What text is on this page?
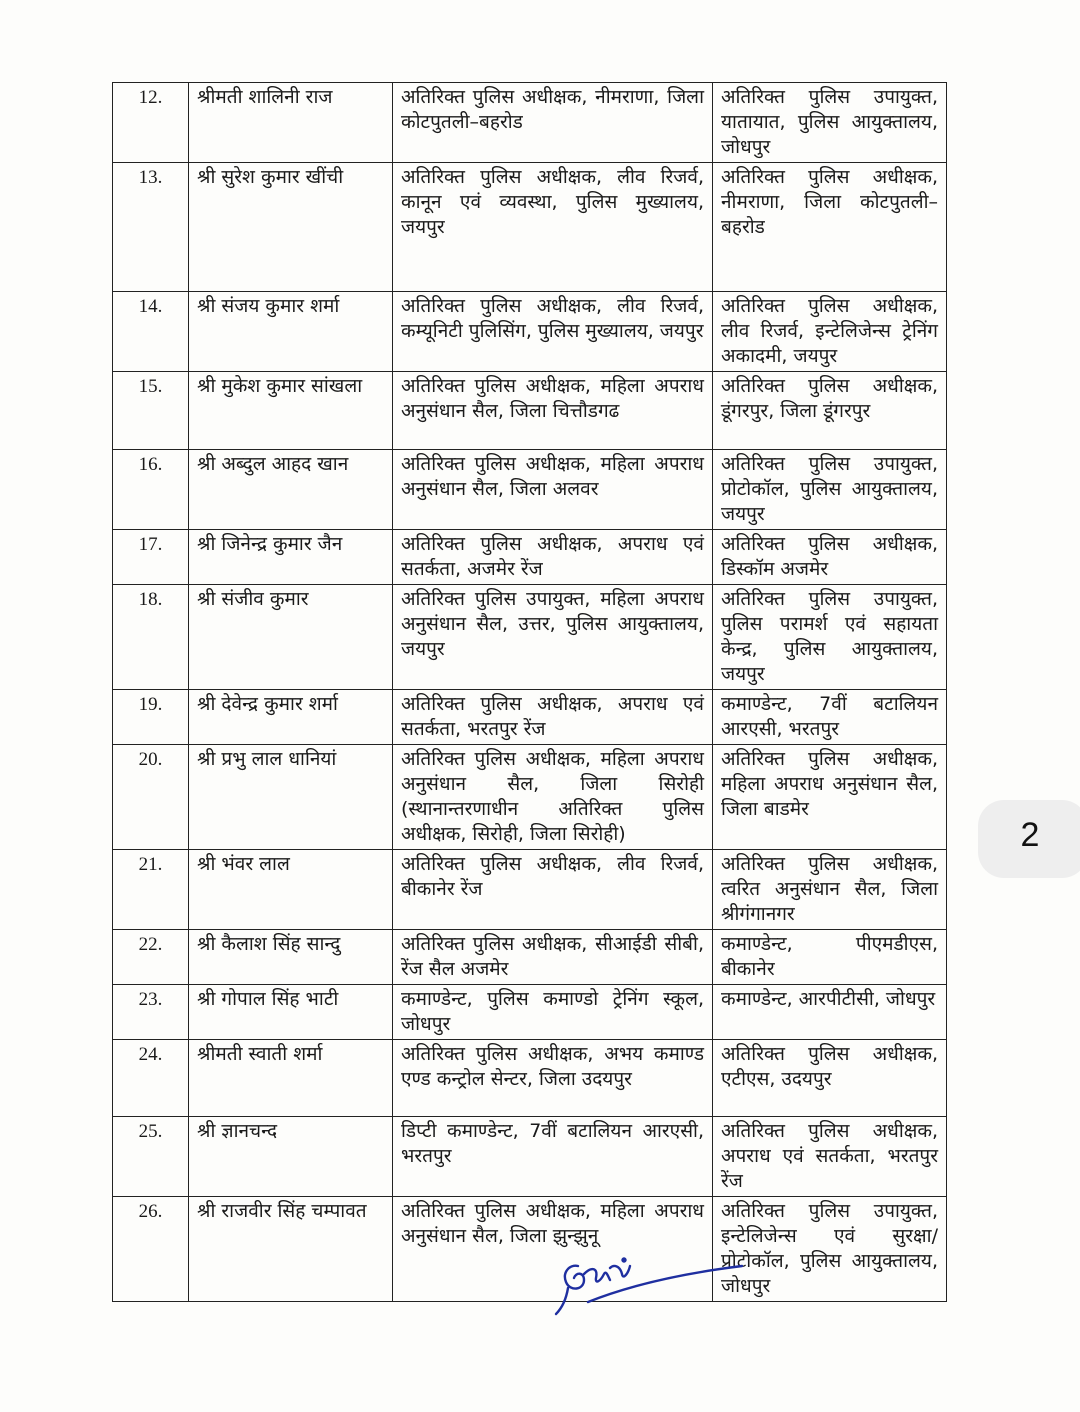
12.	श्रीमती शालिनी राज	अतिरिक्त पुलिस अधीक्षक, नीमराणा, जिला कोटपुतली–बहरोड	अतिरिक्त पुलिस उपायुक्त, यातायात, पुलिस आयुक्तालय, जोधपुर
13.	श्री सुरेश कुमार खींची	अतिरिक्त पुलिस अधीक्षक, लीव रिजर्व, कानून एवं व्यवस्था, पुलिस मुख्यालय, जयपुर	अतिरिक्त पुलिस अधीक्षक, नीमराणा, जिला कोटपुतली–बहरोड
14.	श्री संजय कुमार शर्मा	अतिरिक्त पुलिस अधीक्षक, लीव रिजर्व, कम्यूनिटी पुलिसिंग, पुलिस मुख्यालय, जयपुर	अतिरिक्त पुलिस अधीक्षक, लीव रिजर्व, इन्टेलिजेन्स ट्रेनिंग अकादमी, जयपुर
15.	श्री मुकेश कुमार सांखला	अतिरिक्त पुलिस अधीक्षक, महिला अपराध अनुसंधान सैल, जिला चित्तौडगढ	अतिरिक्त पुलिस अधीक्षक, डूंगरपुर, जिला डूंगरपुर
16.	श्री अब्दुल आहद खान	अतिरिक्त पुलिस अधीक्षक, महिला अपराध अनुसंधान सैल, जिला अलवर	अतिरिक्त पुलिस उपायुक्त, प्रोटोकॉल, पुलिस आयुक्तालय, जयपुर
17.	श्री जिनेन्द्र कुमार जैन	अतिरिक्त पुलिस अधीक्षक, अपराध एवं सतर्कता, अजमेर रेंज	अतिरिक्त पुलिस अधीक्षक, डिस्कॉम अजमेर
18.	श्री संजीव कुमार	अतिरिक्त पुलिस उपायुक्त, महिला अपराध अनुसंधान सैल, उत्तर, पुलिस आयुक्तालय, जयपुर	अतिरिक्त पुलिस उपायुक्त, पुलिस परामर्श एवं सहायता केन्द्र, पुलिस आयुक्तालय, जयपुर
19.	श्री देवेन्द्र कुमार शर्मा	अतिरिक्त पुलिस अधीक्षक, अपराध एवं सतर्कता, भरतपुर रेंज	कमाण्डेन्ट, 7वीं बटालियन आरएसी, भरतपुर
20.	श्री प्रभु लाल धानियां	अतिरिक्त पुलिस अधीक्षक, महिला अपराध अनुसंधान सैल, जिला सिरोही (स्थानान्तरणाधीन अतिरिक्त पुलिस अधीक्षक, सिरोही, जिला सिरोही)	अतिरिक्त पुलिस अधीक्षक, महिला अपराध अनुसंधान सैल, जिला बाडमेर
21.	श्री भंवर लाल	अतिरिक्त पुलिस अधीक्षक, लीव रिजर्व, बीकानेर रेंज	अतिरिक्त पुलिस अधीक्षक, त्वरित अनुसंधान सैल, जिला श्रीगंगानगर
22.	श्री कैलाश सिंह सान्दु	अतिरिक्त पुलिस अधीक्षक, सीआईडी सीबी, रेंज सैल अजमेर	कमाण्डेन्ट, पीएमडीएस, बीकानेर
23.	श्री गोपाल सिंह भाटी	कमाण्डेन्ट, पुलिस कमाण्डो ट्रेनिंग स्कूल, जोधपुर	कमाण्डेन्ट, आरपीटीसी, जोधपुर
24.	श्रीमती स्वाती शर्मा	अतिरिक्त पुलिस अधीक्षक, अभय कमाण्ड एण्ड कन्ट्रोल सेन्टर, जिला उदयपुर	अतिरिक्त पुलिस अधीक्षक, एटीएस, उदयपुर
25.	श्री ज्ञानचन्द	डिप्टी कमाण्डेन्ट, 7वीं बटालियन आरएसी, भरतपुर	अतिरिक्त पुलिस अधीक्षक, अपराध एवं सतर्कता, भरतपुर रेंज
26.	श्री राजवीर सिंह चम्पावत	अतिरिक्त पुलिस अधीक्षक, महिला अपराध अनुसंधान सैल, जिला झुन्झुनू	अतिरिक्त पुलिस उपायुक्त, इन्टेलिजेन्स एवं सुरक्षा/प्रोटोकॉल, पुलिस आयुक्तालय, जोधपुर
2
